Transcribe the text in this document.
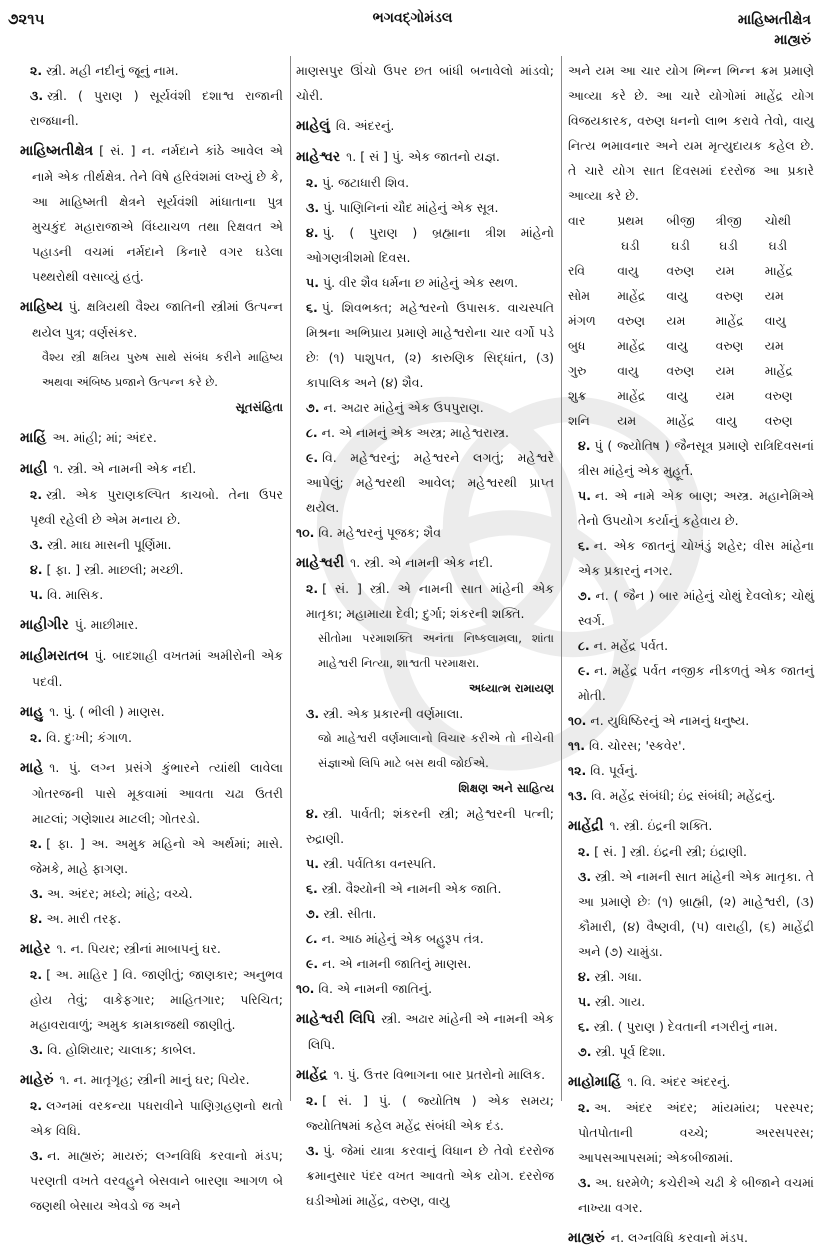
૭૨૧૫	ભગવદ્ગોમંડલ	માહિષ્મતીક્ષેત્ર
માહ્યરું

૨. સ્ત્રી. મહી નદીનું જૂનું નામ.

૩. સ્ત્રી. ( પુરાણ ) સૂર્યવંશી દશાશ્વ રાજાની રાજધાની.

માહિષ્મતીક્ષેત્ર [ સં. ] ન. નર્મદાને કાંઠે આવેલ એ નામે એક તીર્થક્ષેત્ર. તેને વિષે હરિવંશમાં લખ્યું છે કે, આ માહિષ્મતી ક્ષેત્રને સૂર્યવંશી માંધાતાના પુત્ર મુચકુંદ મહારાજાએ વિંધ્યાચળ તથા રિક્ષવત એ પહાડની વચમાં નર્મદાને કિનારે વગર ઘડેલા પથ્થરોથી વસાવ્યું હતું.

માહિષ્ય પું. ક્ષત્રિયથી વૈશ્ય જાતિની સ્ત્રીમાં ઉત્પન્ન થયેલ પુત્ર; વર્ણસંકર.

વૈશ્ય સ્ત્રી ક્ષત્રિય પુરુષ સાથે સંબંધ કરીને માહિષ્ય અથવા અંબિષ્ઠ પ્રજાને ઉત્પન્ન કરે છે.

સૂતસંહિતા

માહિં અ. માંહી; માં; અંદર.

માહી ૧. સ્ત્રી. એ નામની એક નદી.

૨. સ્ત્રી. એક પુરાણકલ્પિત કાચબો. તેના ઉપર પૃથ્વી રહેલી છે એમ મનાય છે.

૩. સ્ત્રી. માઘ માસની પૂર્ણિમા.

૪. [ ફા. ] સ્ત્રી. માછલી; મચ્છી.

૫. વિ. માસિક.

માહીગીર પું. માછીમાર.

માહીમરાતબ પું. બાદશાહી વખતમાં અમીરોની એક પદવી.

માહુ ૧. પું. ( ભીલી ) માણસ.

૨. વિ. દુઃખી; કંગાળ.

માહે ૧. પું. લગ્ન પ્રસંગે કુંભારને ત્યાંથી લાવેલા ગોતરજની પાસે મૂકવામાં આવતા ચઢા ઉતરી માટલાં; ગણેશાય માટલી; ગોતરડો.

૨. [ ફા. ] અ. અમુક મહિનો એ અર્થમાં; માસે. જેમકે, માહે ફાગણ.

૩. અ. અંદર; મધ્યે; માંહે; વચ્ચે.

૪. અ. મારી તરફ.

માહેર ૧. ન. પિયર; સ્ત્રીનાં માબાપનું ઘર.

૨. [ અ. માહિર ] વિ. જાણીતું; જાણકાર; અનુભવ હોય તેવું; વાકેફગાર; માહિતગાર; પરિચિત; મહાવરાવાળું; અમુક કામકાજથી જાણીતું.

૩. વિ. હોશિયાર; ચાલાક; કાબેલ.

માહેરું ૧. ન. માતૃગૃહ; સ્ત્રીની માનું ઘર; પિયેર.

૨. લગ્નમાં વરકન્યા પધરાવીને પાણિગ્રહણનો થતો એક વિધિ.

૩. ન. માહ્યરું; માયરું; લગ્નવિધિ કરવાનો મંડપ; પરણતી વખતે વરવહુને બેસવાને બારણા આગળ બે જણથી બેસાય એવડો જ અને

માણસપુર ઊંચો ઉપર છત બાંધી બનાવેલો માંડવો; ચોરી.

માહેલું વિ. અંદરનું.

માહેશ્વર ૧. [ સં ] પું. એક જાતનો યજ્ઞ.

૨. પું. જટાધારી શિવ.

૩. પું. પાણિનિનાં ચૌદ માંહેનું એક સૂત્ર.

૪. પું. ( પુરાણ ) બ્રહ્માના ત્રીશ માંહેનો ઓગણત્રીશમો દિવસ.

૫. પું. વીર શૈવ ધર્મના છ માંહેનું એક સ્થળ.

૬. પું. શિવભક્ત; મહેશ્વરનો ઉપાસક. વાચસ્પતિ મિશ્રના અભિપ્રાય પ્રમાણે માહેશ્વરોના ચાર વર્ગો પડે છેઃ (૧) પાશુપત, (૨) કારુણિક સિદ્ધાંત, (૩) કાપાલિક અને (૪) શૈવ.

૭. ન. અઢાર માંહેનું એક ઉપપુરાણ.

૮. ન. એ નામનું એક અસ્ત્ર; માહેશ્વરાસ્ત્ર.

૯. વિ. મહેશ્વરનું; મહેશ્વરને લગતું; મહેશ્વરે આપેલું; મહેશ્વરથી આવેલ; મહેશ્વરથી પ્રાપ્ત થયેલ.

૧૦. વિ. મહેશ્વરનું પૂજક; શૈવ

માહેશ્વરી ૧. સ્ત્રી. એ નામની એક નદી.

૨. [ સં. ] સ્ત્રી. એ નામની સાત માંહેની એક માતૃકા; મહામાયા દેવી; દુર્ગા; શંકરની શક્તિ.

સીતોમા પરમાશક્તિ અનંતા નિષ્કલામલા, શાંતા માહેશ્વરી નિત્યા, શાશ્વતી પરમાક્ષરા.

અધ્યાત્મ રામાયણ

૩. સ્ત્રી. એક પ્રકારની વર્ણમાલા.

જો માહેશ્વરી વર્ણમાલાનો વિચાર કરીએ તો નીચેની સંજ્ઞાઓ લિપિ માટે બસ થવી જોઈએ.

શિક્ષણ અને સાહિત્ય

૪. સ્ત્રી. પાર્વતી; શંકરની સ્ત્રી; મહેશ્વરની પત્ની; રુદ્રાણી.

૫. સ્ત્રી. પર્વતિકા વનસ્પતિ.

૬. સ્ત્રી. વૈશ્યોની એ નામની એક જાતિ.

૭. સ્ત્રી. સીતા.

૮. ન. આઠ માંહેનું એક બહુરૂપ તંત્ર.

૯. ન. એ નામની જાતિનું માણસ.

૧૦. વિ. એ નામની જાતિનું.

માહેશ્વરી લિપિ સ્ત્રી. અઢાર માંહેની એ નામની એક લિપિ.

માહેંદ્ર ૧. પું. ઉત્તર વિભાગના બાર પ્રતરોનો માલિક.

૨. [ સં. ] પું. ( જ્યોતિષ ) એક સમય; જ્યોતિષમાં કહેલ મહેંદ્ર સંબંધી એક દંડ.

૩. પું. જેમાં યાત્રા કરવાનું વિધાન છે તેવો દરરોજ ક્રમાનુસાર પંદર વખત આવતો એક યોગ. દરરોજ ઘડીઓમાં માહેંદ્ર, વરુણ, વાયુ

અને યમ આ ચાર યોગ ભિન્ન ભિન્ન ક્રમ પ્રમાણે આવ્યા કરે છે. આ ચારે યોગોમાં માહેંદ્ર યોગ વિજયકારક, વરુણ ધનનો લાભ કરાવે તેવો, વાયુ નિત્ય ભમાવનાર અને યમ મૃત્યુદાયક કહેલ છે. તે ચારે યોગ સાત દિવસમાં દરરોજ આ પ્રકારે આવ્યા કરે છે.

વાર	પ્રથમ ઘડી	બીજી ઘડી	ત્રીજી ઘડી	ચોથી ઘડી
રવિ	વાયુ	વરુણ	યમ	માહેંદ્ર
સોમ	માહેંદ્ર	વાયુ	વરુણ	યમ
મંગળ	વરુણ	યમ	માહેંદ્ર	વાયુ
બુધ	માહેંદ્ર	વાયુ	વરુણ	યમ
ગુરુ	વાયુ	વરુણ	યમ	માહેંદ્ર
શુક્ર	માહેંદ્ર	વાયુ	યમ	વરુણ
શનિ	યમ	માહેંદ્ર	વાયુ	વરુણ

૪. પું ( જ્યોતિષ ) જૈનસૂત્ર પ્રમાણે રાત્રિદિવસનાં ત્રીસ માંહેનું એક મુહૂર્ત.

૫. ન. એ નામે એક બાણ; અસ્ત્ર. મહાનેમિએ તેનો ઉપયોગ કર્યાનું કહેવાય છે.

૬. ન. એક જાતનું ચોખંડું શહેર; વીસ માંહેના એક પ્રકારનું નગર.

૭. ન. ( જૈન ) બાર માંહેનું ચોથું દેવલોક; ચોથું સ્વર્ગ.

૮. ન. મહેંદ્ર પર્વત.

૯. ન. મહેંદ્ર પર્વત નજીક નીકળતું એક જાતનું મોતી.

૧૦. ન. યુધિષ્ઠિરનું એ નામનું ધનુષ્ય.

૧૧. વિ. ચોરસ; 'સ્કવેર'.

૧૨. વિ. પૂર્વનું.

૧૩. વિ. મહેંદ્ર સંબંધી; ઇંદ્ર સંબંધી; મહેંદ્રનું.

માહેંદ્રી ૧. સ્ત્રી. ઇંદ્રની શક્તિ.

૨. [ સં. ] સ્ત્રી. ઇંદ્રની સ્ત્રી; ઇંદ્રાણી.

૩. સ્ત્રી. એ નામની સાત માંહેની એક માતૃકા. તે આ પ્રમાણે છેઃ (૧) બ્રાહ્મી, (૨) માહેશ્વરી, (૩) કૌમારી, (૪) વૈષ્ણવી, (૫) વારાહી, (૬) માહેંદ્રી અને (૭) ચામુંડા.

૪. સ્ત્રી. ગધા.

૫. સ્ત્રી. ગાય.

૬. સ્ત્રી. ( પુરાણ ) દેવતાની નગરીનું નામ.

૭. સ્ત્રી. પૂર્વ દિશા.

માહોમાહિં ૧. વિ. અંદર અંદરનું.

૨. અ. અંદર અંદર; માંયમાંય; પરસ્પર; પોતપોતાની વચ્ચે; અરસપરસ; આપસઆપસમાં; એકબીજામાં.

૩. અ. ઘરમેળે; કચેરીએ ચઢી કે બીજાને વચમાં નાખ્યા વગર.

માહ્યરું ન. લગ્નવિધિ કરવાનો મંડપ.
